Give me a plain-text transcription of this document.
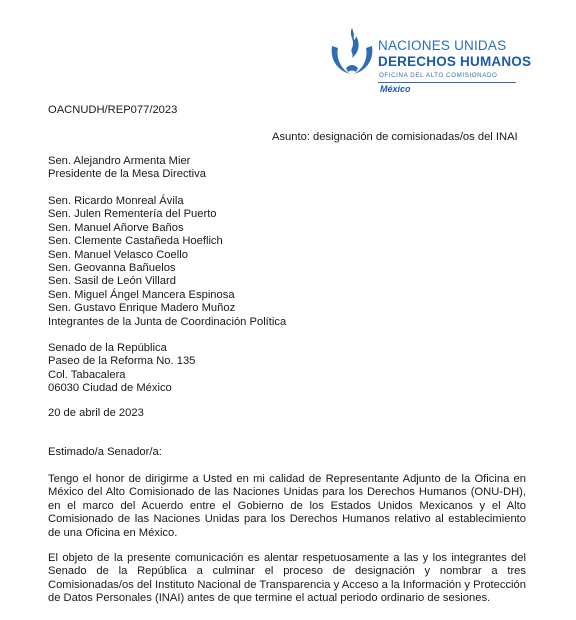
NACIONES UNIDAS
DERECHOS HUMANOS
OFICINA DEL ALTO COMISIONADO
México
OACNUDH/REP077/2023
Asunto: designación de comisionadas/os del INAI
Sen. Alejandro Armenta Mier
Presidente de la Mesa Directiva
Sen. Ricardo Monreal Ávila
Sen. Julen Rementería del Puerto
Sen. Manuel Añorve Baños
Sen. Clemente Castañeda Hoeflich
Sen. Manuel Velasco Coello
Sen. Geovanna Bañuelos
Sen. Sasil de León Villard
Sen. Miguel Ángel Mancera Espinosa
Sen. Gustavo Enrique Madero Muñoz
Integrantes de la Junta de Coordinación Política
Senado de la República
Paseo de la Reforma No. 135
Col. Tabacalera
06030 Ciudad de México
20 de abril de 2023
Estimado/a Senador/a:
Tengo el honor de dirigirme a Usted en mi calidad de Representante Adjunto de la Oficina en México del Alto Comisionado de las Naciones Unidas para los Derechos Humanos (ONU-DH), en el marco del Acuerdo entre el Gobierno de los Estados Unidos Mexicanos y el Alto Comisionado de las Naciones Unidas para los Derechos Humanos relativo al establecimiento de una Oficina en México.
El objeto de la presente comunicación es alentar respetuosamente a las y los integrantes del Senado de la República a culminar el proceso de designación y nombrar a tres Comisionadas/os del Instituto Nacional de Transparencia y Acceso a la Información y Protección de Datos Personales (INAI) antes de que termine el actual periodo ordinario de sesiones.
